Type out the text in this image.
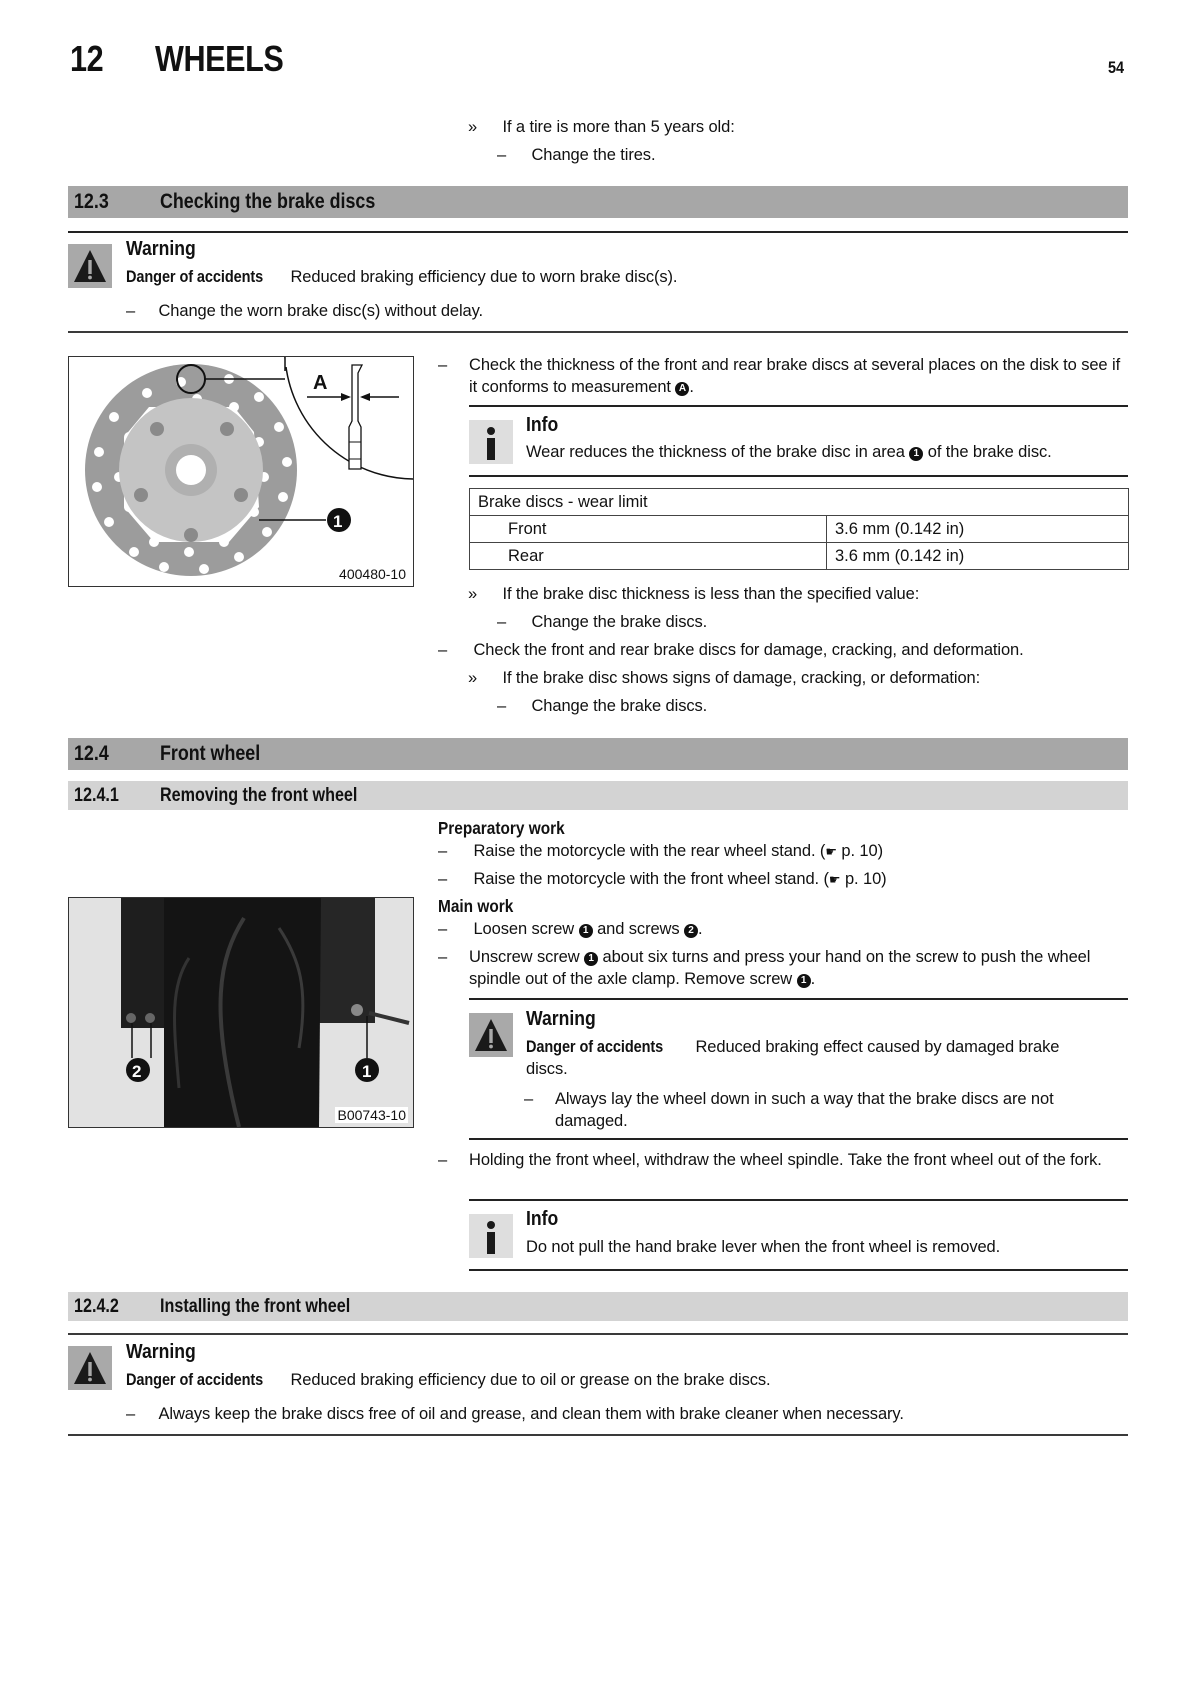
12 WHEELS	54
» If a tire is more than 5 years old:
– Change the tires.
12.3 Checking the brake discs
Warning
Danger of accidents Reduced braking efficiency due to worn brake disc(s).
– Change the worn brake disc(s) without delay.
A
1
400480-10
–	Check the thickness of the front and rear brake discs at several places on the disk to see if it conforms to measurement A .
Info
Wear reduces the thickness of the brake disc in area 1 of the brake disc.
Brake discs - wear limit	
Front	3.6 mm (0.142 in)
Rear	3.6 mm (0.142 in)
» If the brake disc thickness is less than the specified value:
– Change the brake discs.
– Check the front and rear brake discs for damage, cracking, and deformation.
» If the brake disc shows signs of damage, cracking, or deformation:
– Change the brake discs.
12.4 Front wheel
12.4.1 Removing the front wheel
Preparatory work
– Raise the motorcycle with the rear wheel stand. (☛ p. 10)
– Raise the motorcycle with the front wheel stand. (☛ p. 10)
Main work
– Loosen screw 1 and screws 2 .
–	Unscrew screw 1 about six turns and press your hand on the screw to push the wheel spindle out of the axle clamp. Remove screw 1 .
2	1
B00743-10
Warning
Danger of accidents Reduced braking effect caused by damaged brake discs.
–	Always lay the wheel down in such a way that the brake discs are not damaged.
–	Holding the front wheel, withdraw the wheel spindle. Take the front wheel out of the fork.
Info
Do not pull the hand brake lever when the front wheel is removed.
12.4.2 Installing the front wheel
Warning
Danger of accidents Reduced braking efficiency due to oil or grease on the brake discs.
– Always keep the brake discs free of oil and grease, and clean them with brake cleaner when necessary.
